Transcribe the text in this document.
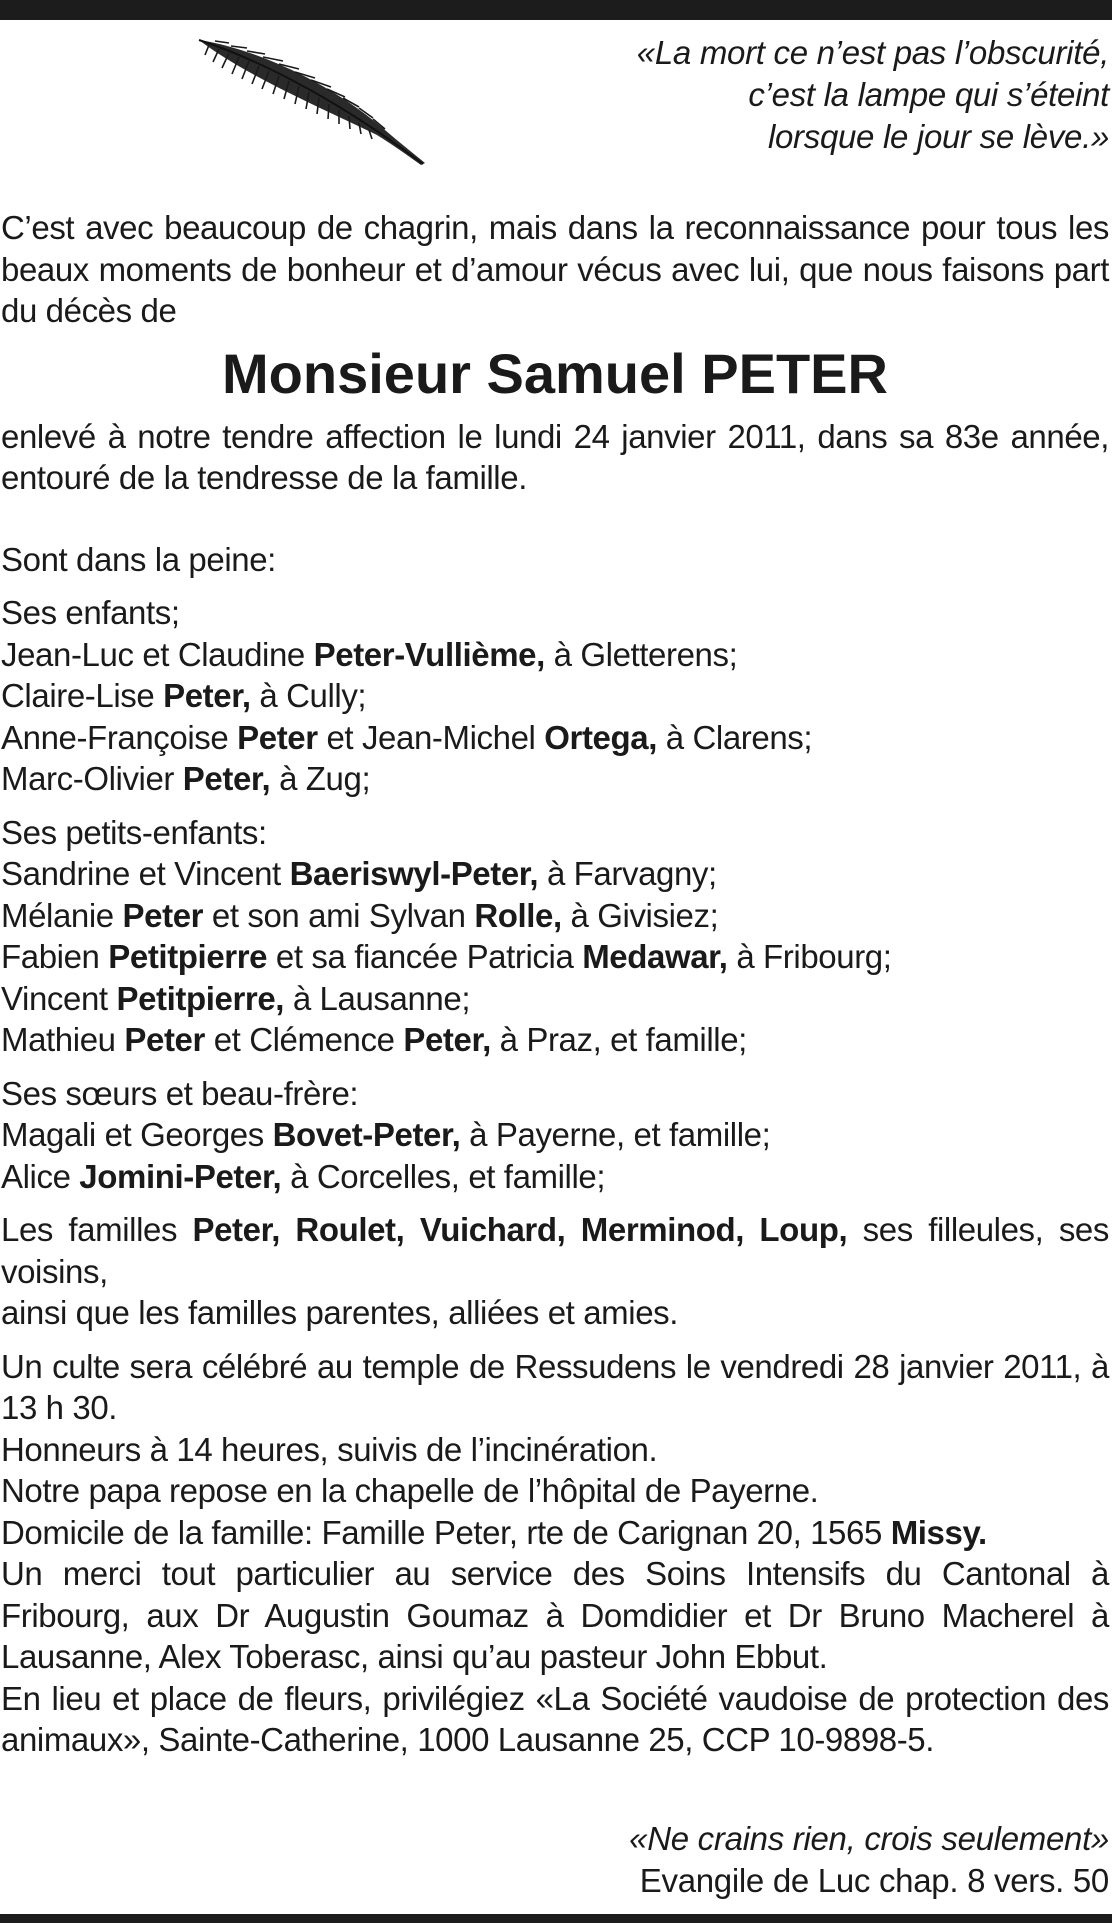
«La mort ce n’est pas l’obscurité,
c’est la lampe qui s’éteint
lorsque le jour se lève.»

C’est avec beaucoup de chagrin, mais dans la reconnaissance pour tous les beaux moments de bonheur et d’amour vécus avec lui, que nous faisons part du décès de

Monsieur Samuel PETER

enlevé à notre tendre affection le lundi 24 janvier 2011, dans sa 83e année, entouré de la tendresse de la famille.

Sont dans la peine:

Ses enfants;
Jean-Luc et Claudine Peter-Vullième, à Gletterens;
Claire-Lise Peter, à Cully;
Anne-Françoise Peter et Jean-Michel Ortega, à Clarens;
Marc-Olivier Peter, à Zug;
Ses petits-enfants:
Sandrine et Vincent Baeriswyl-Peter, à Farvagny;
Mélanie Peter et son ami Sylvan Rolle, à Givisiez;
Fabien Petitpierre et sa fiancée Patricia Medawar, à Fribourg;
Vincent Petitpierre, à Lausanne;
Mathieu Peter et Clémence Peter, à Praz, et famille;
Ses sœurs et beau-frère:
Magali et Georges Bovet-Peter, à Payerne, et famille;
Alice Jomini-Peter, à Corcelles, et famille;

Les familles Peter, Roulet, Vuichard, Merminod, Loup, ses filleules, ses voisins,

ainsi que les familles parentes, alliées et amies.

Un culte sera célébré au temple de Ressudens le vendredi 28 janvier 2011, à 13 h 30.

Honneurs à 14 heures, suivis de l’incinération.

Notre papa repose en la chapelle de l’hôpital de Payerne.

Domicile de la famille: Famille Peter, rte de Carignan 20, 1565 Missy.

Un merci tout particulier au service des Soins Intensifs du Cantonal à Fribourg, aux Dr Augustin Goumaz à Domdidier et Dr Bruno Macherel à Lausanne, Alex Toberasc, ainsi qu’au pasteur John Ebbut.

En lieu et place de fleurs, privilégiez «La Société vaudoise de protection des animaux», Sainte-Catherine, 1000 Lausanne 25, CCP 10-9898-5.

«Ne crains rien, crois seulement»
Evangile de Luc chap. 8 vers. 50
